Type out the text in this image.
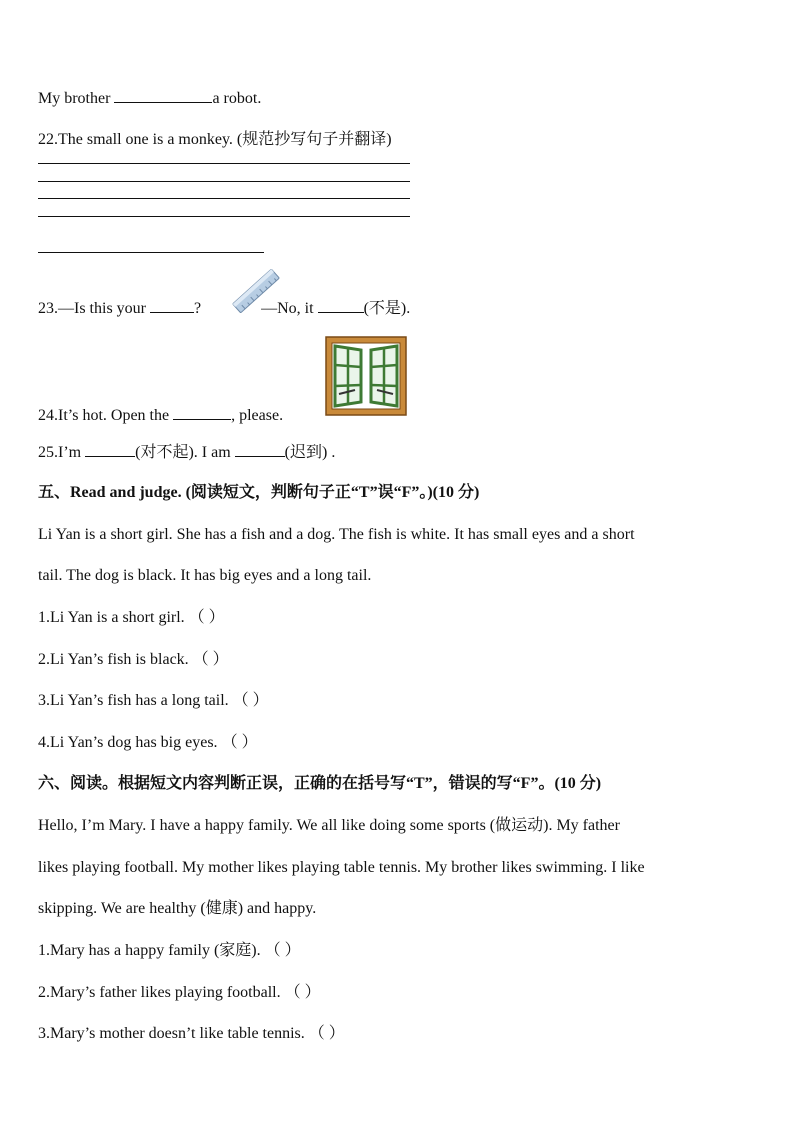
My brother	a robot.
22.The small one is a monkey. (规范抄写句子并翻译)
23.—Is this your	?	—No, it	(不是).
24.It’s hot. Open the	, please.
25.I’m	(对不起). I am	(迟到) .
五、Read and judge. (阅读短文，判断句子正“T”误“F”。)(10 分)
Li Yan is a short girl. She has a fish and a dog. The fish is white. It has small eyes and a short
tail. The dog is black. It has big eyes and a long tail.
1.Li Yan is a short girl. （ ）
2.Li Yan’s fish is black. （ ）
3.Li Yan’s fish has a long tail. （ ）
4.Li Yan’s dog has big eyes. （ ）
六、阅读。根据短文内容判断正误，正确的在括号写“T”，错误的写“F”。(10 分)
Hello, I’m Mary. I have a happy family. We all like doing some sports (做运动). My father
likes playing football. My mother likes playing table tennis. My brother likes swimming. I like
skipping. We are healthy (健康) and happy.
1.Mary has a happy family (家庭). （ ）
2.Mary’s father likes playing football. （ ）
3.Mary’s mother doesn’t like table tennis. （ ）
